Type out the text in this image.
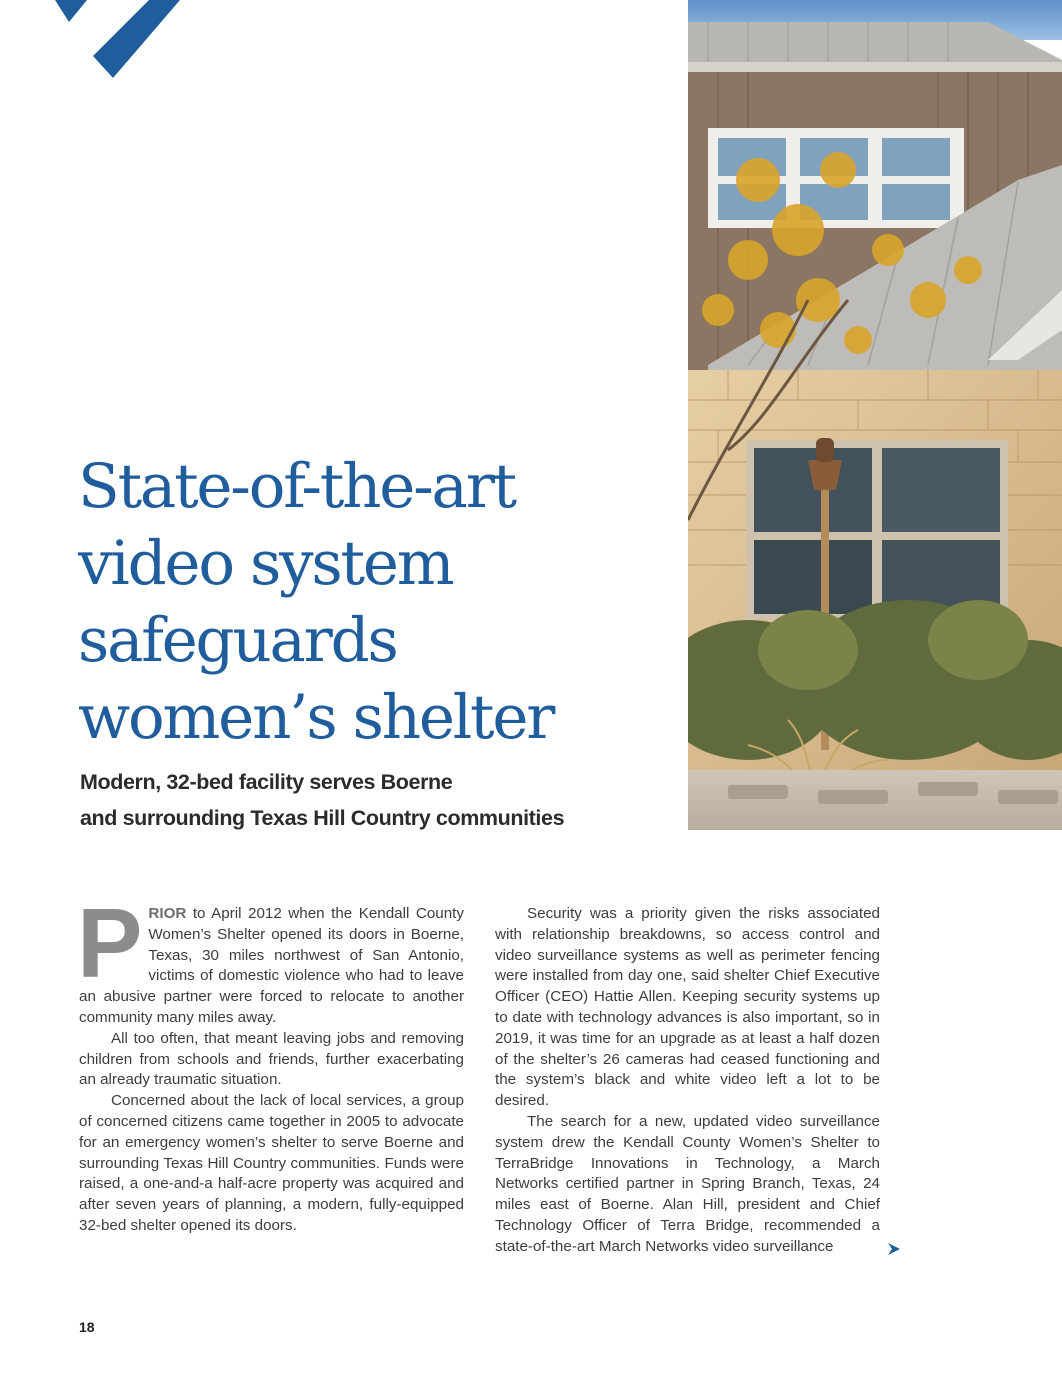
State-of-the-art
video system
safeguards
women’s shelter
Modern, 32-bed facility serves Boerne
and surrounding Texas Hill Country communities

PRIOR to April 2012 when the Kendall County Women’s Shelter opened its doors in Boerne, Texas, 30 miles northwest of San Antonio, victims of domestic violence who had to leave an abusive partner were forced to relocate to another community many miles away.

All too often, that meant leaving jobs and removing children from schools and friends, further exacerbating an already traumatic situation.

Concerned about the lack of local services, a group of concerned citizens came together in 2005 to advocate for an emergency women’s shelter to serve Boerne and surrounding Texas Hill Country communities. Funds were raised, a one-and-a half-acre property was acquired and after seven years of planning, a modern, fully-equipped 32-bed shelter opened its doors.

Security was a priority given the risks associated with relationship breakdowns, so access control and video surveillance systems as well as perimeter fencing were installed from day one, said shelter Chief Executive Officer (CEO) Hattie Allen. Keeping security systems up to date with technology advances is also important, so in 2019, it was time for an upgrade as at least a half dozen of the shelter’s 26 cameras had ceased functioning and the system’s black and white video left a lot to be desired.

The search for a new, updated video surveillance system drew the Kendall County Women’s Shelter to TerraBridge Innovations in Technology, a March Networks certified partner in Spring Branch, Texas, 24 miles east of Boerne. Alan Hill, president and Chief Technology Officer of Terra Bridge, recommended a state-of-the-art March Networks video surveillance

18
